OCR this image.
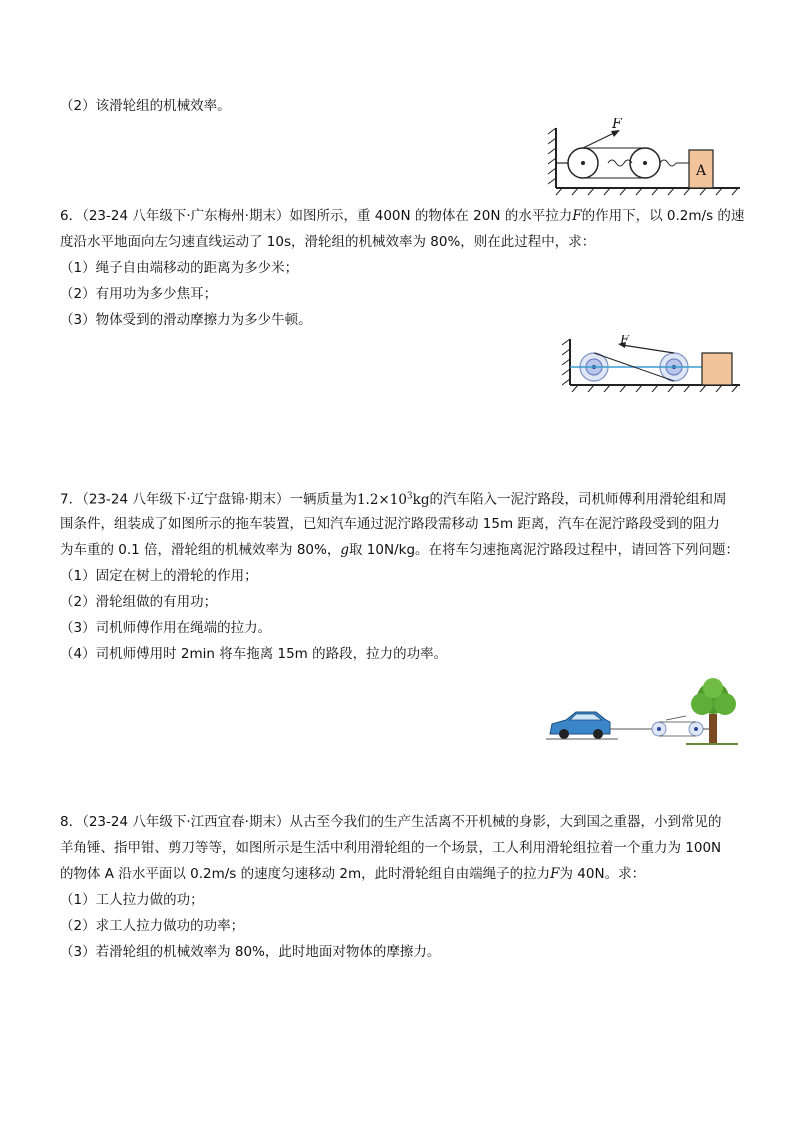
（2）该滑轮组的机械效率。
F
A
6．（23-24 八年级下·广东梅州·期末）如图所示，重 400N 的物体在 20N 的水平拉力F的作用下，以 0.2m/s 的速
度沿水平地面向左匀速直线运动了 10s，滑轮组的机械效率为 80%，则在此过程中，求：
（1）绳子自由端移动的距离为多少米；
（2）有用功为多少焦耳；
（3）物体受到的滑动摩擦力为多少牛顿。
F
7．（23-24 八年级下·辽宁盘锦·期末）一辆质量为$1.2\times 10^3kg$的汽车陷入一泥泞路段，司机师傅利用滑轮组和周
围条件，组装成了如图所示的拖车装置，已知汽车通过泥泞路段需移动 15m 距离，汽车在泥泞路段受到的阻力
为车重的 0.1 倍，滑轮组的机械效率为 80%，g取 10N/kg。在将车匀速拖离泥泞路段过程中，请回答下列问题：
（1）固定在树上的滑轮的作用；
（2）滑轮组做的有用功；
（3）司机师傅作用在绳端的拉力。
（4）司机师傅用时 2min 将车拖离 15m 的路段，拉力的功率。
8．（23-24 八年级下·江西宜春·期末）从古至今我们的生产生活离不开机械的身影，大到国之重器，小到常见的
羊角锤、指甲钳、剪刀等等，如图所示是生活中利用滑轮组的一个场景，工人利用滑轮组拉着一个重力为 100N
的物体 A 沿水平面以 0.2m/s 的速度匀速移动 2m，此时滑轮组自由端绳子的拉力F为 40N。求：
（1）工人拉力做的功；
（2）求工人拉力做功的功率；
（3）若滑轮组的机械效率为 80%，此时地面对物体的摩擦力。
